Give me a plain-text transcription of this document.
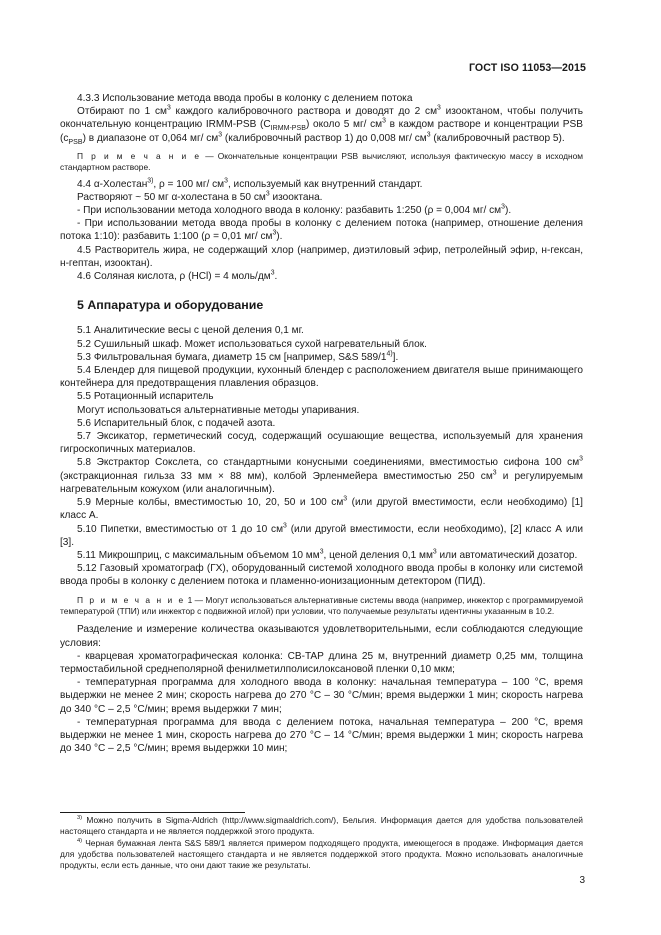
ГОСТ ISO 11053—2015

4.3.3 Использование метода ввода пробы в колонку с делением потока

Отбирают по 1 $см^3$ каждого калибровочного раствора и доводят до 2 $см^3$ изооктаном, чтобы получить окончательную концентрацию IRMM-PSB $(C_{IRMM-PSB})$ около 5 мг/ $см^3$ в каждом растворе и концентрации PSB $(c_{PSB})$ в диапазоне от 0,064 мг/ $см^3$ (калибровочный раствор 1) до 0,008 мг/ $см^3$ (калибровочный раствор 5).

П р и м е ч а н и е — Окончательные концентрации PSB вычисляют, используя фактическую массу в исходном стандартном растворе.

4.4 α-Холестан$^{3)}$, ρ = 100 мг/ $см^3$, используемый как внутренний стандарт.

Растворяют ~ 50 мг α-холестана в 50 $см^3$ изооктана.

- При использовании метода холодного ввода в колонку: разбавить 1:250 (ρ = 0,004 мг/ $см^3$).

- При использовании метода ввода пробы в колонку с делением потока (например, отношение деления потока 1:10): разбавить 1:100 (ρ = 0,01 мг/ $см^3$).

4.5 Растворитель жира, не содержащий хлор (например, диэтиловый эфир, петролейный эфир, н-гексан, н-гептан, изооктан).

4.6 Соляная кислота, ρ (HCl) = 4 моль/$дм^3$.

5 Аппаратура и оборудование

5.1 Аналитические весы с ценой деления 0,1 мг.

5.2 Сушильный шкаф. Может использоваться сухой нагревательный блок.

5.3 Фильтровальная бумага, диаметр 15 см [например, S&S 589/1$^{4)}$].

5.4 Блендер для пищевой продукции, кухонный блендер с расположением двигателя выше принимающего контейнера для предотвращения плавления образцов.

5.5 Ротационный испаритель

Могут использоваться альтернативные методы упаривания.

5.6 Испарительный блок, с подачей азота.

5.7 Эксикатор, герметический сосуд, содержащий осушающие вещества, используемый для хранения гигроскопичных материалов.

5.8 Экстрактор Сокслета, со стандартными конусными соединениями, вместимостью сифона 100 $см^3$ (экстракционная гильза 33 мм × 88 мм), колбой Эрленмейера вместимостью 250 $см^3$ и регулируемым нагревательным кожухом (или аналогичным).

5.9 Мерные колбы, вместимостью 10, 20, 50 и 100 $см^3$ (или другой вместимости, если необходимо) [1] класс А.

5.10 Пипетки, вместимостью от 1 до 10 $см^3$ (или другой вместимости, если необходимо), [2] класс А или [3].

5.11 Микрошприц, с максимальным объемом 10 $мм^3$, ценой деления 0,1 $мм^3$ или автоматический дозатор.

5.12 Газовый хроматограф (ГХ), оборудованный системой холодного ввода пробы в колонку или системой ввода пробы в колонку с делением потока и пламенно-ионизационным детектором (ПИД).

П р и м е ч а н и е 1 — Могут использоваться альтернативные системы ввода (например, инжектор с программируемой температурой (ТПИ) или инжектор с подвижной иглой) при условии, что получаемые результаты идентичны указанным в 10.2.

Разделение и измерение количества оказываются удовлетворительными, если соблюдаются следующие условия:

- кварцевая хроматографическая колонка: CB-TAP длина 25 м, внутренний диаметр 0,25 мм, толщина термостабильной среднеполярной фенилметилполисилоксановой пленки 0,10 мкм;

- температурная программа для холодного ввода в колонку: начальная температура – 100 °C, время выдержки не менее 2 мин; скорость нагрева до 270 °C – 30 °C/мин; время выдержки 1 мин; скорость нагрева до 340 °C – 2,5 °C/мин; время выдержки 7 мин;

- температурная программа для ввода с делением потока, начальная температура – 200 °C, время выдержки не менее 1 мин, скорость нагрева до 270 °C – 14 °C/мин; время выдержки 1 мин; скорость нагрева до 340 °C – 2,5 °C/мин; время выдержки 10 мин;

$^{3)}$ Можно получить в Sigma-Aldrich (http://www.sigmaaldrich.com/), Бельгия. Информация дается для удобства пользователей настоящего стандарта и не является поддержкой этого продукта.

$^{4)}$ Черная бумажная лента S&S 589/1 является примером подходящего продукта, имеющегося в продаже. Информация дается для удобства пользователей настоящего стандарта и не является поддержкой этого продукта. Можно использовать аналогичные продукты, если есть данные, что они дают такие же результаты.

3
